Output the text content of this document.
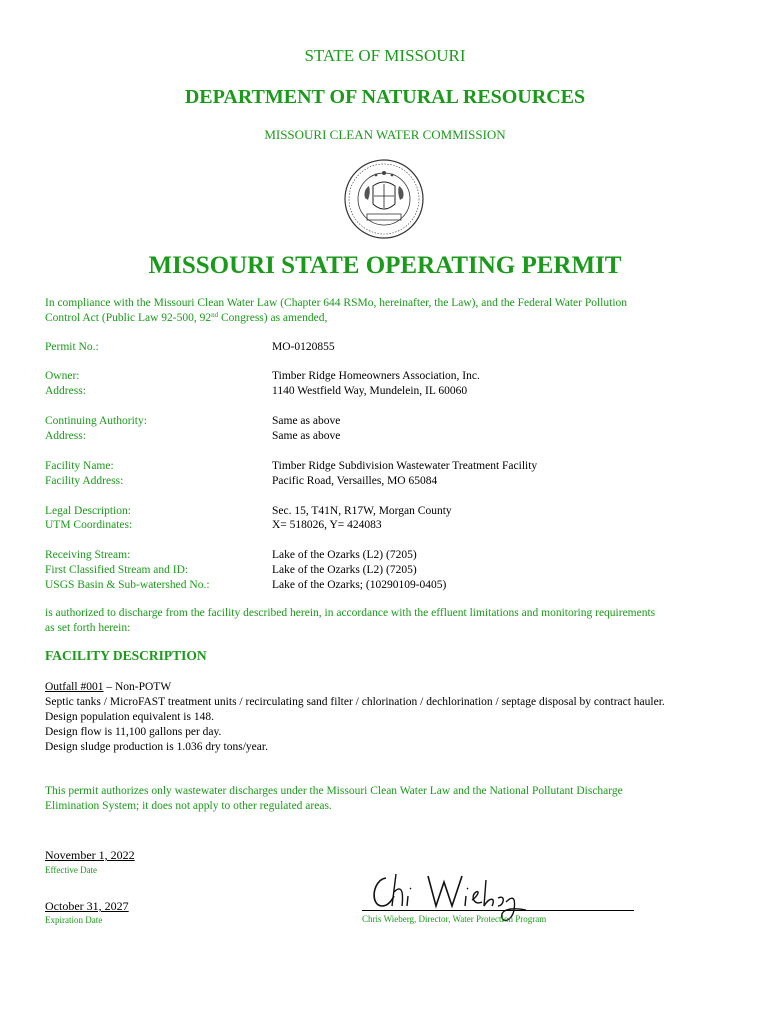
STATE OF MISSOURI
DEPARTMENT OF NATURAL RESOURCES
MISSOURI CLEAN WATER COMMISSION
MISSOURI STATE OPERATING PERMIT
In compliance with the Missouri Clean Water Law (Chapter 644 RSMo, hereinafter, the Law), and the Federal Water Pollution
Control Act (Public Law 92-500, 92nd Congress) as amended,
Permit No.:	MO-0120855
Owner:	Timber Ridge Homeowners Association, Inc.
Address:	1140 Westfield Way, Mundelein, IL 60060
Continuing Authority:	Same as above
Address:	Same as above
Facility Name:	Timber Ridge Subdivision Wastewater Treatment Facility
Facility Address:	Pacific Road, Versailles, MO 65084
Legal Description:	Sec. 15, T41N, R17W, Morgan County
UTM Coordinates:	X= 518026, Y= 424083
Receiving Stream:	Lake of the Ozarks (L2) (7205)
First Classified Stream and ID:	Lake of the Ozarks (L2) (7205)
USGS Basin & Sub-watershed No.:	Lake of the Ozarks; (10290109-0405)
is authorized to discharge from the facility described herein, in accordance with the effluent limitations and monitoring requirements
as set forth herein:
FACILITY DESCRIPTION
Outfall #001 – Non-POTW
Septic tanks / MicroFAST treatment units / recirculating sand filter / chlorination / dechlorination / septage disposal by contract hauler.
Design population equivalent is 148.
Design flow is 11,100 gallons per day.
Design sludge production is 1.036 dry tons/year.
This permit authorizes only wastewater discharges under the Missouri Clean Water Law and the National Pollutant Discharge
Elimination System; it does not apply to other regulated areas.
November 1, 2022
Effective Date
October 31, 2027
Expiration Date	Chris Wieberg, Director, Water Protection Program
